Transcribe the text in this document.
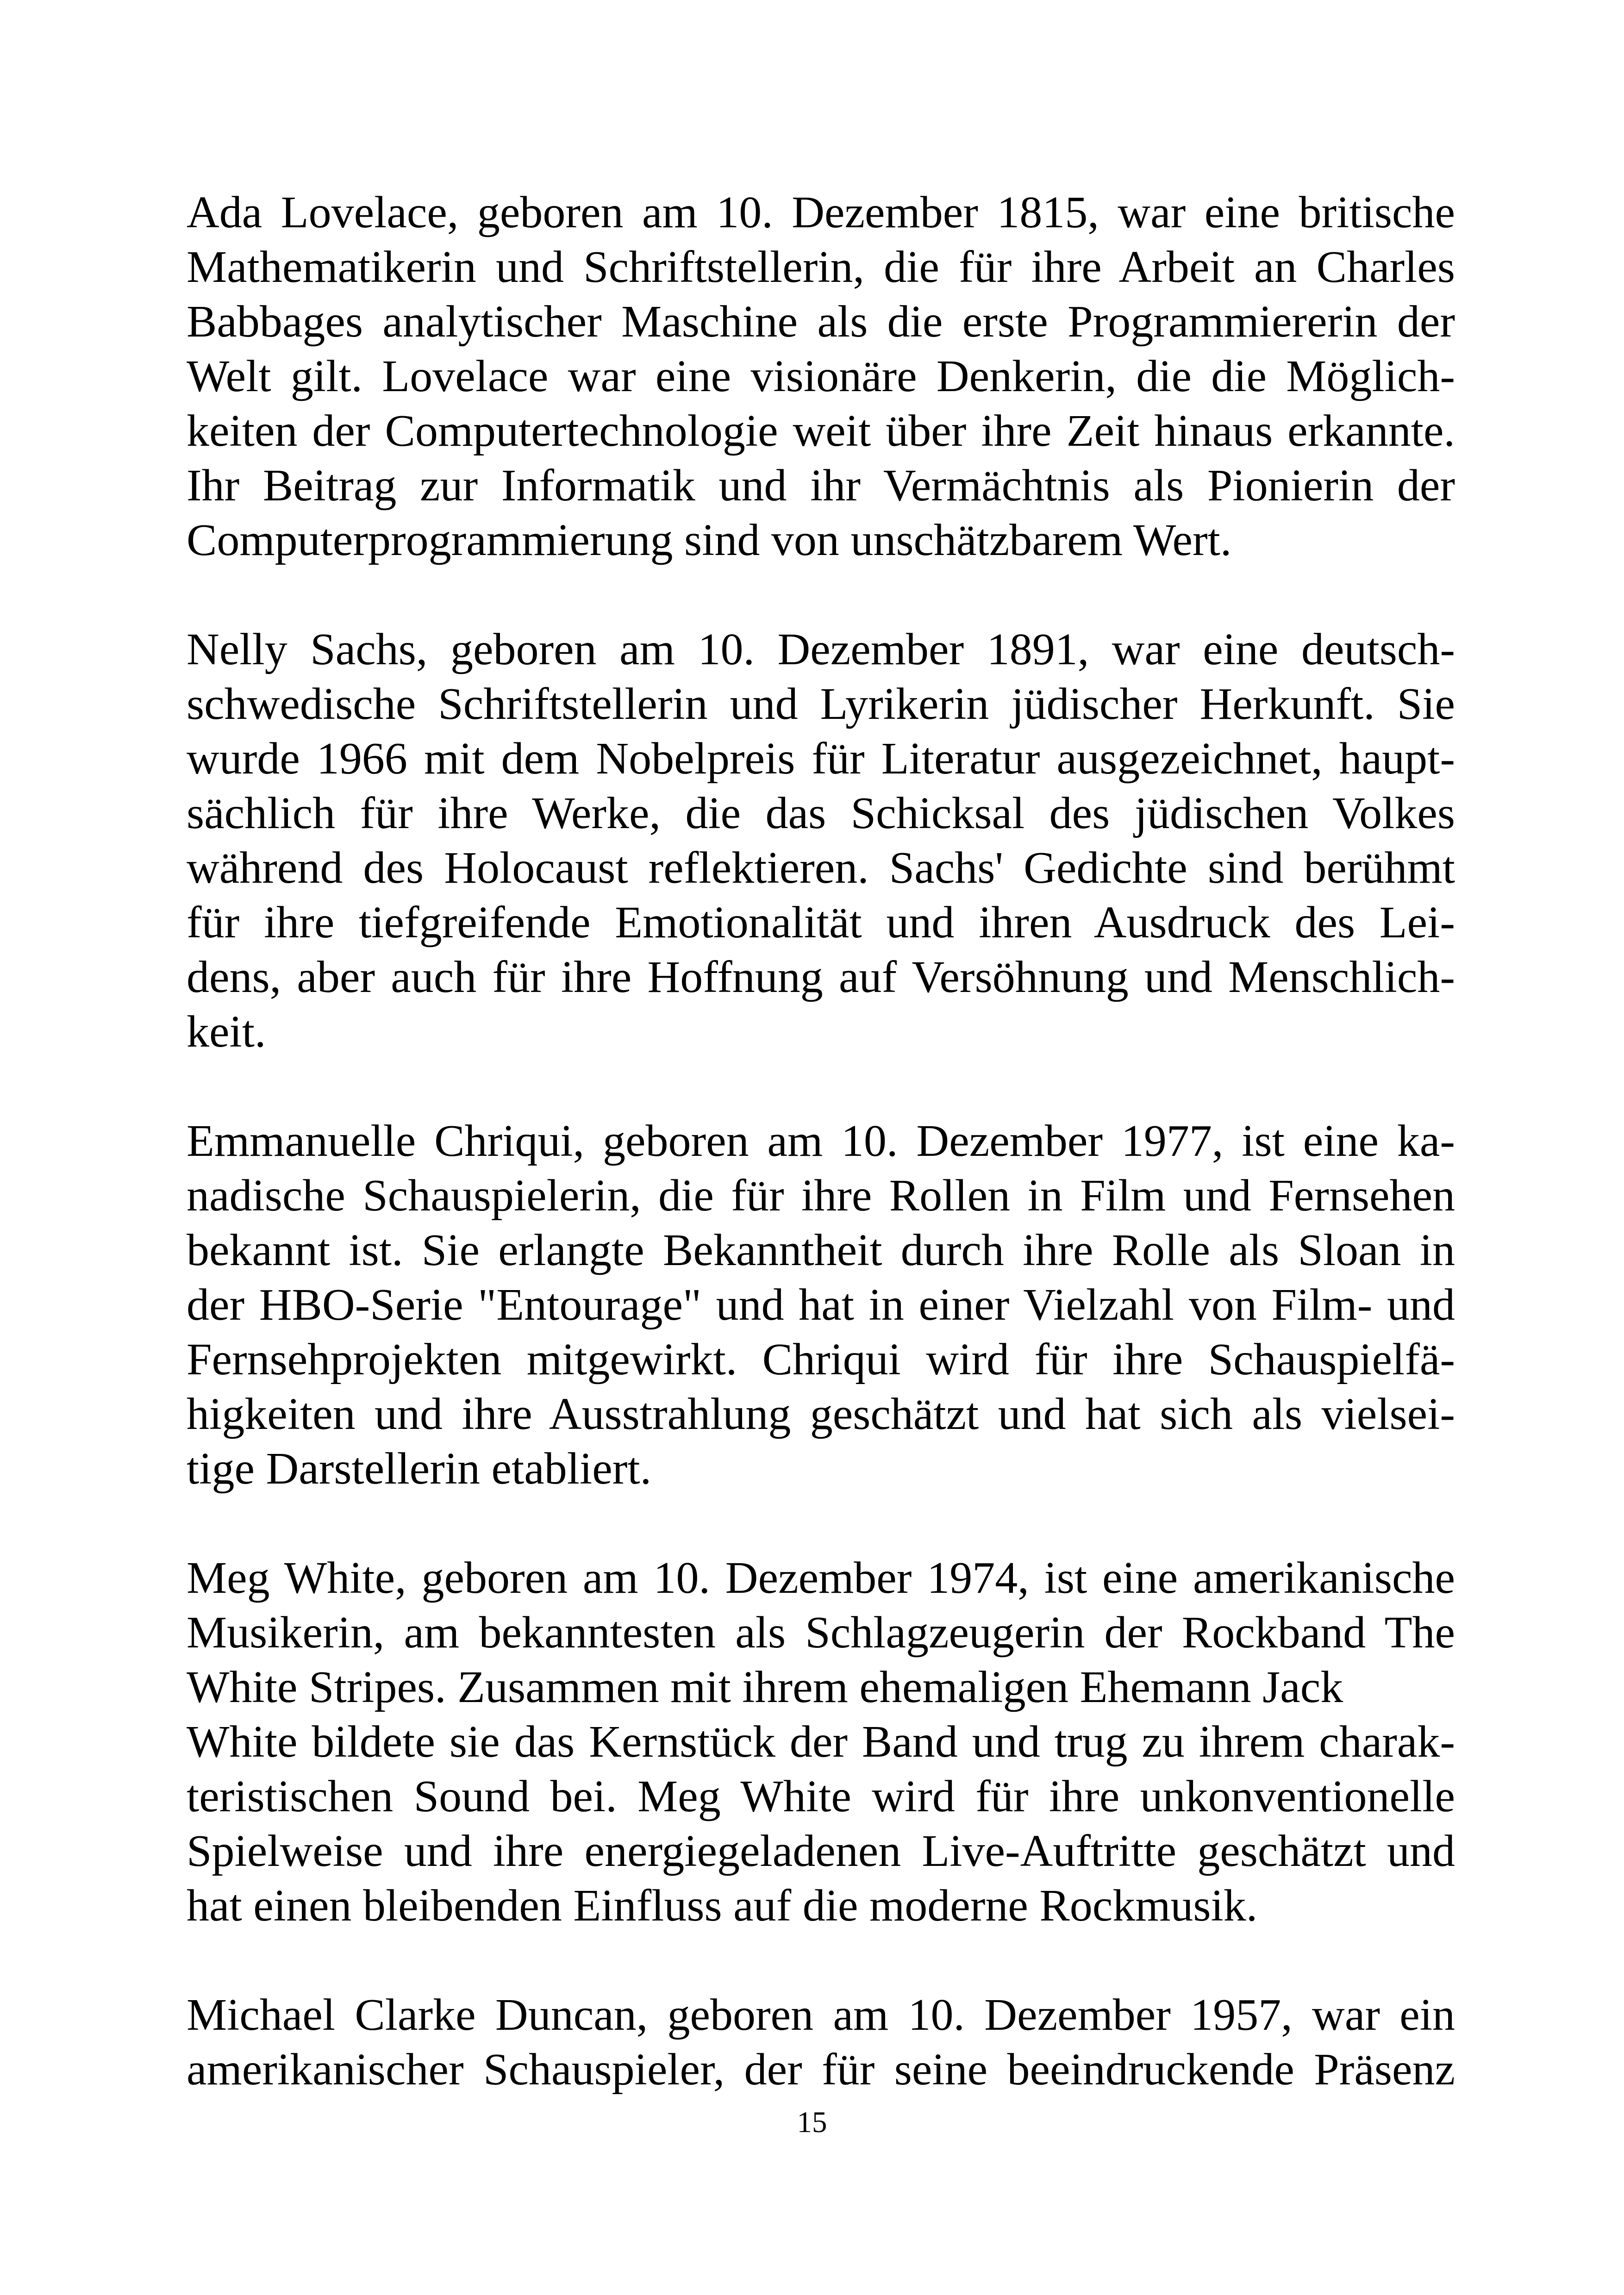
Ada Lovelace, geboren am 10. Dezember 1815, war eine britische
Mathematikerin und Schriftstellerin, die für ihre Arbeit an Charles
Babbages analytischer Maschine als die erste Programmiererin der
Welt gilt. Lovelace war eine visionäre Denkerin, die die Möglich-
keiten der Computertechnologie weit über ihre Zeit hinaus erkannte.
Ihr Beitrag zur Informatik und ihr Vermächtnis als Pionierin der
Computerprogrammierung sind von unschätzbarem Wert.
Nelly Sachs, geboren am 10. Dezember 1891, war eine deutsch-
schwedische Schriftstellerin und Lyrikerin jüdischer Herkunft. Sie
wurde 1966 mit dem Nobelpreis für Literatur ausgezeichnet, haupt-
sächlich für ihre Werke, die das Schicksal des jüdischen Volkes
während des Holocaust reflektieren. Sachs' Gedichte sind berühmt
für ihre tiefgreifende Emotionalität und ihren Ausdruck des Lei-
dens, aber auch für ihre Hoffnung auf Versöhnung und Menschlich-
keit.
Emmanuelle Chriqui, geboren am 10. Dezember 1977, ist eine ka-
nadische Schauspielerin, die für ihre Rollen in Film und Fernsehen
bekannt ist. Sie erlangte Bekanntheit durch ihre Rolle als Sloan in
der HBO-Serie "Entourage" und hat in einer Vielzahl von Film- und
Fernsehprojekten mitgewirkt. Chriqui wird für ihre Schauspielfä-
higkeiten und ihre Ausstrahlung geschätzt und hat sich als vielsei-
tige Darstellerin etabliert.
Meg White, geboren am 10. Dezember 1974, ist eine amerikanische
Musikerin, am bekanntesten als Schlagzeugerin der Rockband The
White Stripes. Zusammen mit ihrem ehemaligen Ehemann Jack
White bildete sie das Kernstück der Band und trug zu ihrem charak-
teristischen Sound bei. Meg White wird für ihre unkonventionelle
Spielweise und ihre energiegeladenen Live-Auftritte geschätzt und
hat einen bleibenden Einfluss auf die moderne Rockmusik.
Michael Clarke Duncan, geboren am 10. Dezember 1957, war ein
amerikanischer Schauspieler, der für seine beeindruckende Präsenz
15
